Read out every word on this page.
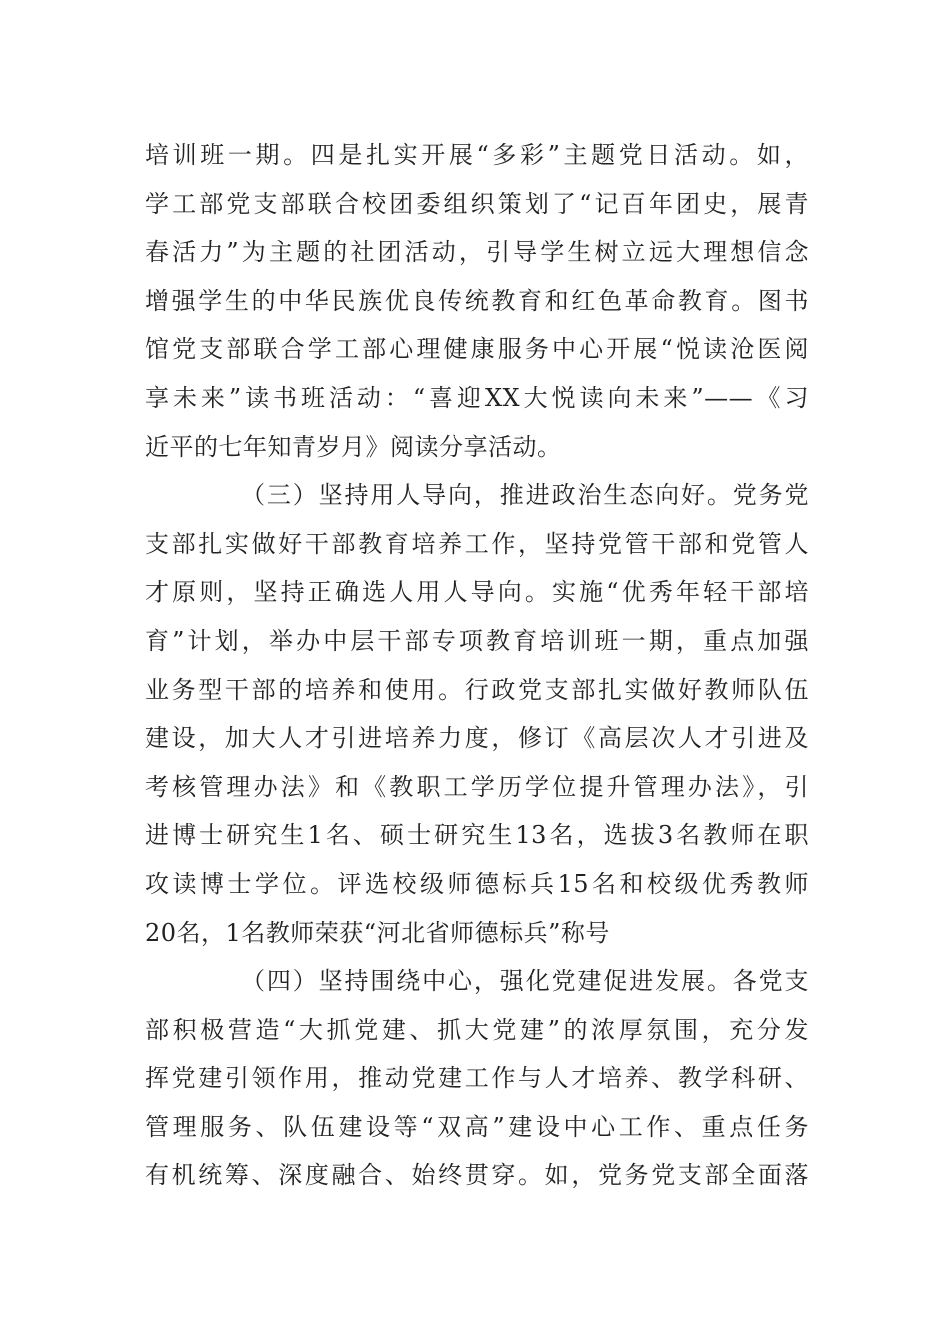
培训班一期。四是扎实开展“多彩”主题党日活动。如，
学工部党支部联合校团委组织策划了“记百年团史，展青
春活力”为主题的社团活动，引导学生树立远大理想信念
增强学生的中华民族优良传统教育和红色革命教育。图书
馆党支部联合学工部心理健康服务中心开展“悦读沧医阅
享未来”读书班活动：“喜迎XX大悦读向未来”——《习
近平的七年知青岁月》阅读分享活动。
（三）坚持用人导向，推进政治生态向好。党务党
支部扎实做好干部教育培养工作，坚持党管干部和党管人
才原则，坚持正确选人用人导向。实施“优秀年轻干部培
育”计划，举办中层干部专项教育培训班一期，重点加强
业务型干部的培养和使用。行政党支部扎实做好教师队伍
建设，加大人才引进培养力度，修订《高层次人才引进及
考核管理办法》和《教职工学历学位提升管理办法》，引
进博士研究生1名、硕士研究生13名，选拔3名教师在职
攻读博士学位。评选校级师德标兵15名和校级优秀教师
20名，1名教师荣获“河北省师德标兵”称号
（四）坚持围绕中心，强化党建促进发展。各党支
部积极营造“大抓党建、抓大党建”的浓厚氛围，充分发
挥党建引领作用，推动党建工作与人才培养、教学科研、
管理服务、队伍建设等“双高”建设中心工作、重点任务
有机统筹、深度融合、始终贯穿。如，党务党支部全面落
